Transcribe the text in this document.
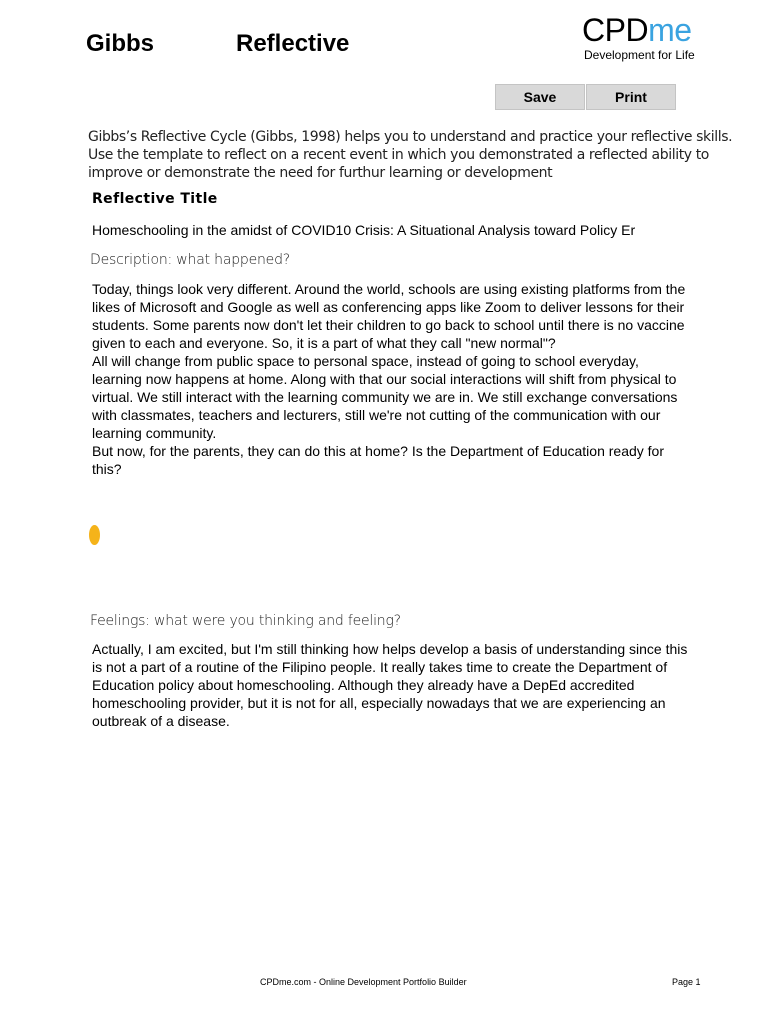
Gibbs	Reflective	CPDme
Development for Life
Save	Print
Gibbs’s Reflective Cycle (Gibbs, 1998) helps you to understand and practice your reflective skills. Use the template to reflect on a recent event in which you demonstrated a reflected ability to improve or demonstrate the need for furthur learning or development
Reflective Title
Homeschooling in the amidst of COVID10 Crisis: A Situational Analysis toward Policy Er
Description: what happened?

Today, things look very different. Around the world, schools are using existing platforms from the likes of Microsoft and Google as well as conferencing apps like Zoom to deliver lessons for their students. Some parents now don't let their children to go back to school until there is no vaccine given to each and everyone. So, it is a part of what they call "new normal"?

All will change from public space to personal space, instead of going to school everyday, learning now happens at home. Along with that our social interactions will shift from physical to virtual. We still interact with the learning community we are in. We still exchange conversations with classmates, teachers and lecturers, still we're not cutting of the communication with our learning community.

But now, for the parents, they can do this at home? Is the Department of Education ready for this?

Feelings: what were you thinking and feeling?

Actually, I am excited, but I'm still thinking how helps develop a basis of understanding since this is not a part of a routine of the Filipino people. It really takes time to create the Department of Education policy about homeschooling. Although they already have a DepEd accredited homeschooling provider, but it is not for all, especially nowadays that we are experiencing an outbreak of a disease.

CPDme.com - Online Development Portfolio Builder	Page 1
